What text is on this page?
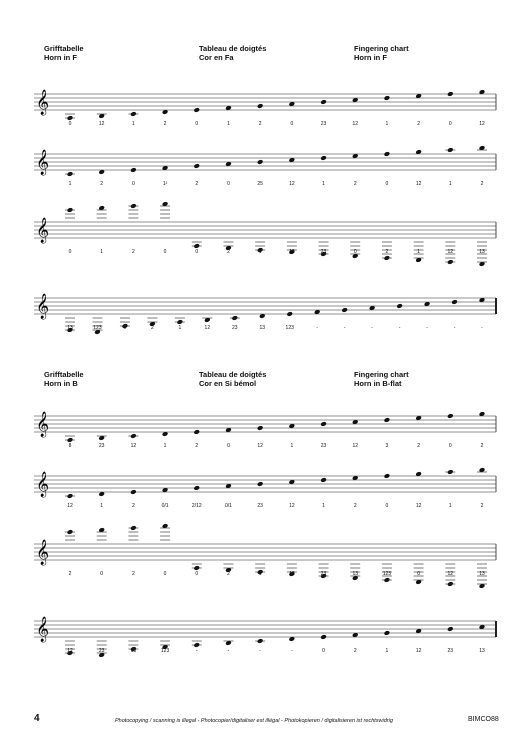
Grifftabelle
Horn in F
Tableau de doigtés
Cor en Fa
Fingering chart
Horn in F
Grifftabelle
Horn in B
Tableau de doigtés
Cor en Si bémol
Fingering chart
Horn in B-flat
𝄞
0	12	1	2	0	1	2	0	23	12	1	2	0	12
𝄞
1	2	0	1²	2	0	25	12	1	2	0	12	1	2
𝄞
0	1	2	0	0	2	1	12	23	0	2	1	12	13
𝄞
13	123	0	2	1	12	23	13	123	-	-	-	-	-	-	-
𝄞
8	23	12	1	2	0	12	1	23	12	3	2	0	2
𝄞
12	1	2	0/1	2/12	0/1	23	12	1	2	0	12	1	2
𝄞
2	0	2	0	0	2	1	12	23	13	123	0	12	13
𝄞
12	23	13	123	-	-	-	-	0	2	1	12	23	13
4	Photocopying / scanning is illegal - Photocopier/digitaliser est illégal - Photokopieren / digitalisieren ist rechtswidrig	BIMCO88
